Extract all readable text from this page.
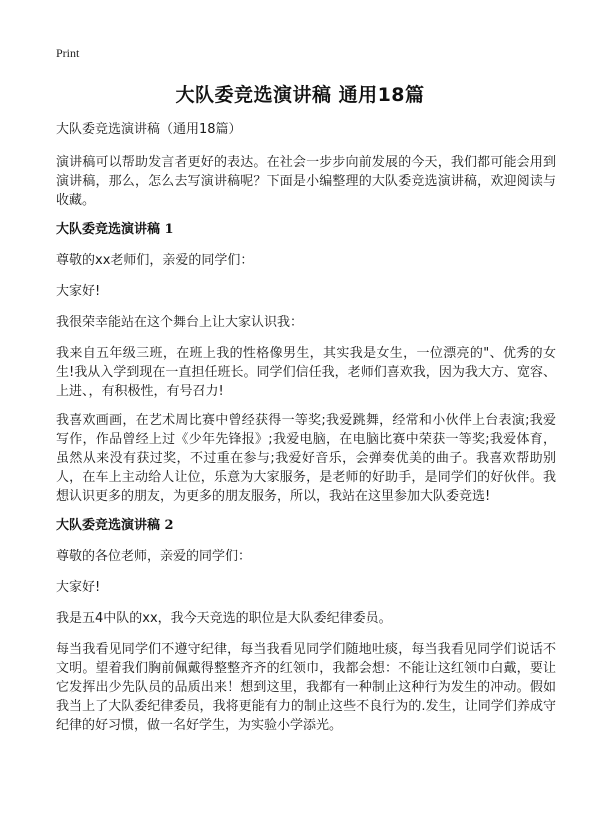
Print
大队委竞选演讲稿 通用18篇

大队委竞选演讲稿（通用18篇）

演讲稿可以帮助发言者更好的表达。在社会一步步向前发展的今天，我们都可能会用到演讲稿，那么，怎么去写演讲稿呢？下面是小编整理的大队委竞选演讲稿，欢迎阅读与收藏。

大队委竞选演讲稿 1

尊敬的xx老师们，亲爱的同学们：

大家好!

我很荣幸能站在这个舞台上让大家认识我：

我来自五年级三班，在班上我的性格像男生，其实我是女生，一位漂亮的"、优秀的女生!我从入学到现在一直担任班长。同学们信任我，老师们喜欢我，因为我大方、宽容、上进、，有积极性，有号召力!

我喜欢画画，在艺术周比赛中曾经获得一等奖;我爱跳舞，经常和小伙伴上台表演;我爱写作，作品曾经上过《少年先锋报》;我爱电脑，在电脑比赛中荣获一等奖;我爱体育，虽然从来没有获过奖，不过重在参与;我爱好音乐，会弹奏优美的曲子。我喜欢帮助别人，在车上主动给人让位，乐意为大家服务，是老师的好助手，是同学们的好伙伴。我想认识更多的朋友，为更多的朋友服务，所以，我站在这里参加大队委竞选!

大队委竞选演讲稿 2

尊敬的各位老师，亲爱的同学们：

大家好!

我是五4中队的xx，我今天竞选的职位是大队委纪律委员。

每当我看见同学们不遵守纪律，每当我看见同学们随地吐痰，每当我看见同学们说话不文明。望着我们胸前佩戴得整整齐齐的红领巾，我都会想：不能让这红领巾白戴，要让它发挥出少先队员的品质出来！想到这里，我都有一种制止这种行为发生的冲动。假如我当上了大队委纪律委员，我将更能有力的制止这些不良行为的.发生，让同学们养成守纪律的好习惯，做一名好学生，为实验小学添光。
